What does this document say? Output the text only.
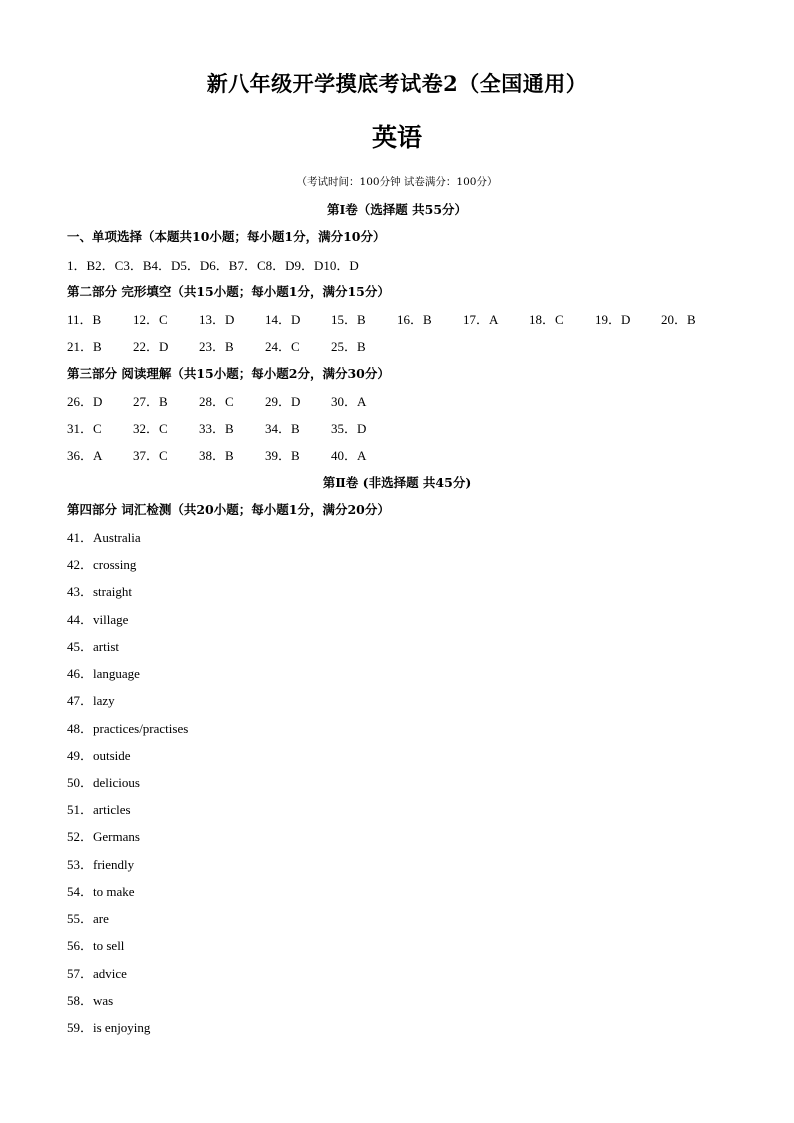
新八年级开学摸底考试卷2（全国通用）
英语
（考试时间：100分钟 试卷满分：100分）
第Ⅰ卷（选择题 共55分）
一、单项选择（本题共10小题；每小题1分，满分10分）
1．B2．C3．B4．D5．D6．B7．C8．D9．D10．D
第二部分 完形填空（共15小题；每小题1分，满分15分）
11．B 12．C 13．D 14．D 15．B 16．B 17．A 18．C 19．D 20．B
21．B 22．D 23．B 24．C 25．B
第三部分 阅读理解（共15小题；每小题2分，满分30分）
26．D 27．B 28．C 29．D 30．A
31．C 32．C 33．B 34．B 35．D
36．A 37．C 38．B 39．B 40．A
第Ⅱ卷 (非选择题 共45分)
第四部分 词汇检测（共20小题；每小题1分，满分20分）
41．Australia
42．crossing
43．straight
44．village
45．artist
46．language
47．lazy
48．practices/practises
49．outside
50．delicious
51．articles
52．Germans
53．friendly
54．to make
55．are
56．to sell
57．advice
58．was
59．is enjoying
